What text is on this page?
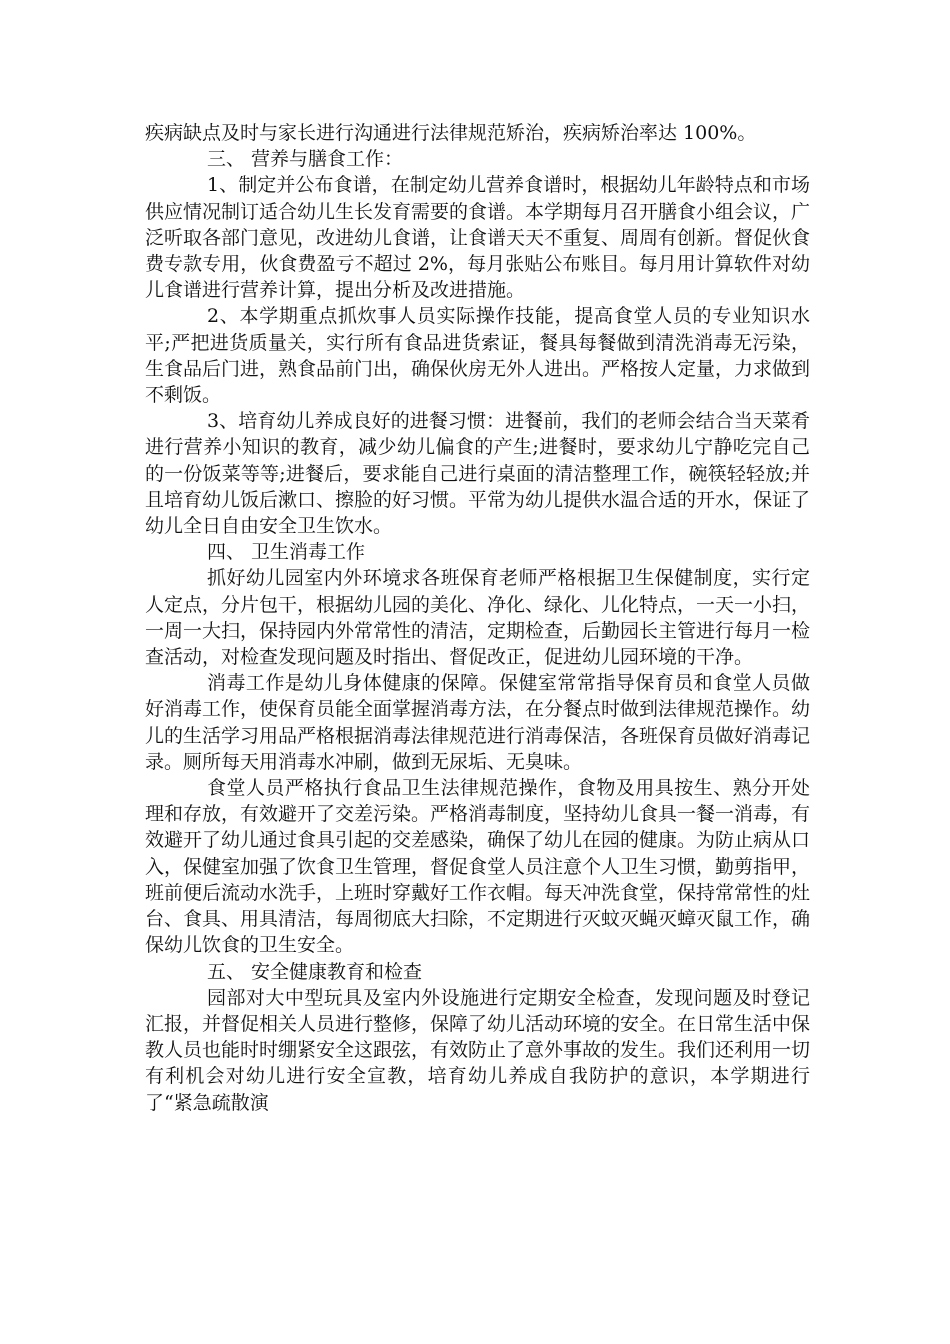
疾病缺点及时与家长进行沟通进行法律规范矫治，疾病矫治率达 100%。

三、 营养与膳食工作：

1、制定并公布食谱，在制定幼儿营养食谱时，根据幼儿年龄特点和市场供应情况制订适合幼儿生长发育需要的食谱。本学期每月召开膳食小组会议，广泛听取各部门意见，改进幼儿食谱，让食谱天天不重复、周周有创新。督促伙食费专款专用，伙食费盈亏不超过 2%，每月张贴公布账目。每月用计算软件对幼儿食谱进行营养计算，提出分析及改进措施。

2、本学期重点抓炊事人员实际操作技能，提高食堂人员的专业知识水平;严把进货质量关，实行所有食品进货索证，餐具每餐做到清洗消毒无污染，生食品后门进，熟食品前门出，确保伙房无外人进出。严格按人定量，力求做到不剩饭。

3、培育幼儿养成良好的进餐习惯：进餐前，我们的老师会结合当天菜肴进行营养小知识的教育，减少幼儿偏食的产生;进餐时，要求幼儿宁静吃完自己的一份饭菜等等;进餐后，要求能自己进行桌面的清洁整理工作，碗筷轻轻放;并且培育幼儿饭后漱口、擦脸的好习惯。平常为幼儿提供水温合适的开水，保证了幼儿全日自由安全卫生饮水。

四、 卫生消毒工作

抓好幼儿园室内外环境求各班保育老师严格根据卫生保健制度，实行定人定点，分片包干，根据幼儿园的美化、净化、绿化、儿化特点，一天一小扫，一周一大扫，保持园内外常常性的清洁，定期检查，后勤园长主管进行每月一检查活动，对检查发现问题及时指出、督促改正，促进幼儿园环境的干净。

消毒工作是幼儿身体健康的保障。保健室常常指导保育员和食堂人员做好消毒工作，使保育员能全面掌握消毒方法，在分餐点时做到法律规范操作。幼儿的生活学习用品严格根据消毒法律规范进行消毒保洁，各班保育员做好消毒记录。厕所每天用消毒水冲刷，做到无尿垢、无臭味。

食堂人员严格执行食品卫生法律规范操作，食物及用具按生、熟分开处理和存放，有效避开了交差污染。严格消毒制度，坚持幼儿食具一餐一消毒，有效避开了幼儿通过食具引起的交差感染，确保了幼儿在园的健康。为防止病从口入，保健室加强了饮食卫生管理，督促食堂人员注意个人卫生习惯，勤剪指甲，班前便后流动水洗手，上班时穿戴好工作衣帽。每天冲洗食堂，保持常常性的灶台、食具、用具清洁，每周彻底大扫除，不定期进行灭蚊灭蝇灭蟑灭鼠工作，确保幼儿饮食的卫生安全。

五、 安全健康教育和检查

园部对大中型玩具及室内外设施进行定期安全检查，发现问题及时登记汇报，并督促相关人员进行整修，保障了幼儿活动环境的安全。在日常生活中保教人员也能时时绷紧安全这跟弦，有效防止了意外事故的发生。我们还利用一切有利机会对幼儿进行安全宣教，培育幼儿养成自我防护的意识，本学期进行了“紧急疏散演
